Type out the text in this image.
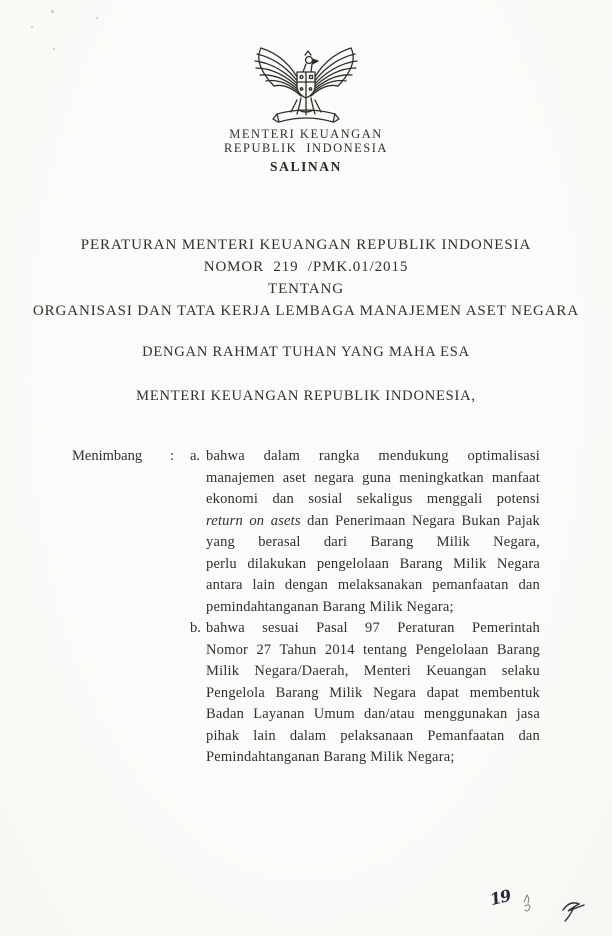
MENTERI KEUANGAN
REPUBLIK  INDONESIA
SALINAN
PERATURAN MENTERI KEUANGAN REPUBLIK INDONESIA
NOMOR  219  /PMK.01/2015
TENTANG
ORGANISASI DAN TATA KERJA LEMBAGA MANAJEMEN ASET NEGARA
DENGAN RAHMAT TUHAN YANG MAHA ESA
MENTERI KEUANGAN REPUBLIK INDONESIA,
Menimbang : a. bahwa dalam rangka mendukung optimalisasi
manajemen aset negara guna meningkatkan manfaat
ekonomi dan sosial sekaligus menggali potensi
return on asets dan Penerimaan Negara Bukan Pajak
yang berasal dari Barang Milik Negara,
perlu dilakukan pengelolaan Barang Milik Negara
antara lain dengan melaksanakan pemanfaatan dan
pemindahtanganan Barang Milik Negara;
b. bahwa sesuai Pasal 97 Peraturan Pemerintah
Nomor 27 Tahun 2014 tentang Pengelolaan Barang
Milik Negara/Daerah, Menteri Keuangan selaku
Pengelola Barang Milik Negara dapat membentuk
Badan Layanan Umum dan/atau menggunakan jasa
pihak lain dalam pelaksanaan Pemanfaatan dan
Pemindahtanganan Barang Milik Negara;
19
